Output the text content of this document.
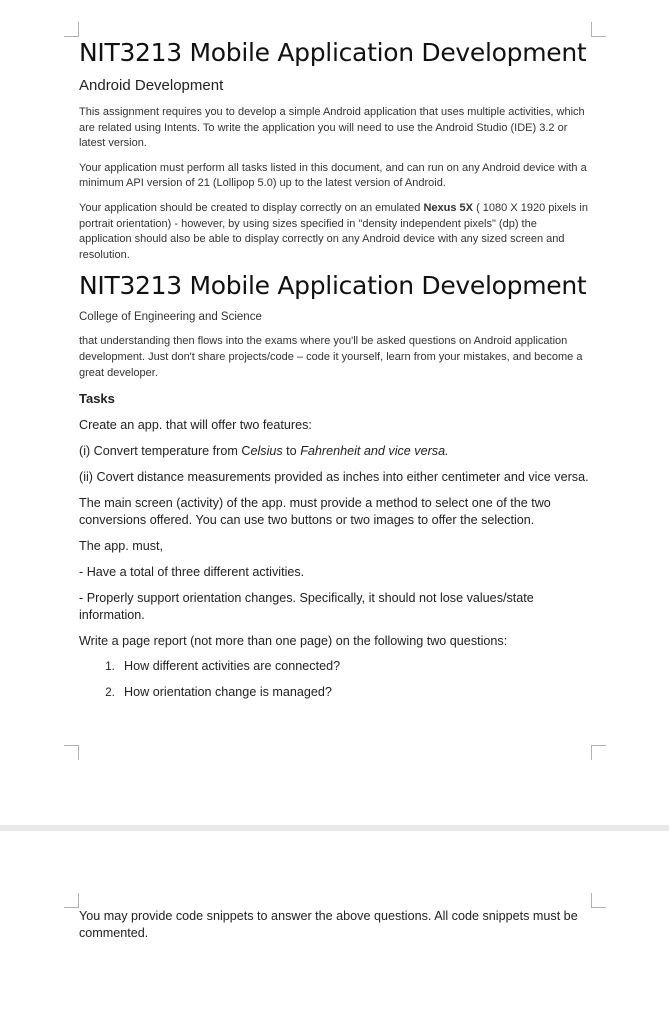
NIT3213 Mobile Application Development

Android Development

This assignment requires you to develop a simple Android application that uses multiple activities, which are related using Intents. To write the application you will need to use the Android Studio (IDE) 3.2 or latest version.

Your application must perform all tasks listed in this document, and can run on any Android device with a minimum API version of 21 (Lollipop 5.0) up to the latest version of Android.

Your application should be created to display correctly on an emulated Nexus 5X ( 1080 X 1920 pixels in portrait orientation) - however, by using sizes specified in "density independent pixels" (dp) the application should also be able to display correctly on any Android device with any sized screen and resolution.

NIT3213 Mobile Application Development

College of Engineering and Science

that understanding then flows into the exams where you'll be asked questions on Android application development. Just don't share projects/code – code it yourself, learn from your mistakes, and become a great developer.

Tasks

Create an app. that will offer two features:

(i) Convert temperature from Celsius to Fahrenheit and vice versa.

(ii) Covert distance measurements provided as inches into either centimeter and vice versa.

The main screen (activity) of the app. must provide a method to select one of the two conversions offered. You can use two buttons or two images to offer the selection.

The app. must,

- Have a total of three different activities.

- Properly support orientation changes. Specifically, it should not lose values/state information.

Write a page report (not more than one page) on the following two questions:

1. How different activities are connected?
2. How orientation change is managed?

You may provide code snippets to answer the above questions. All code snippets must be commented.
